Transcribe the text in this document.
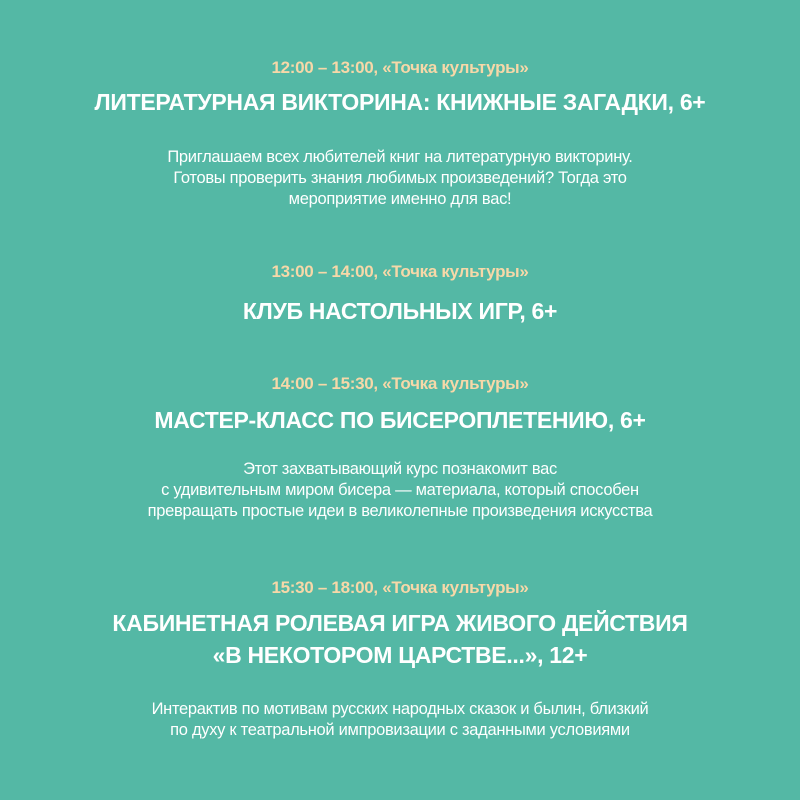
12:00 – 13:00, «Точка культуры»
ЛИТЕРАТУРНАЯ ВИКТОРИНА: КНИЖНЫЕ ЗАГАДКИ, 6+
Приглашаем всех любителей книг на литературную викторину.
Готовы проверить знания любимых произведений? Тогда это
мероприятие именно для вас!
13:00 – 14:00, «Точка культуры»
КЛУБ НАСТОЛЬНЫХ ИГР, 6+
14:00 – 15:30, «Точка культуры»
МАСТЕР-КЛАСС ПО БИСЕРОПЛЕТЕНИЮ, 6+
Этот захватывающий курс познакомит вас
с удивительным миром бисера — материала, который способен
превращать простые идеи в великолепные произведения искусства
15:30 – 18:00, «Точка культуры»
КАБИНЕТНАЯ РОЛЕВАЯ ИГРА ЖИВОГО ДЕЙСТВИЯ
«В НЕКОТОРОМ ЦАРСТВЕ...», 12+
Интерактив по мотивам русских народных сказок и былин, близкий
по духу к театральной импровизации с заданными условиями
